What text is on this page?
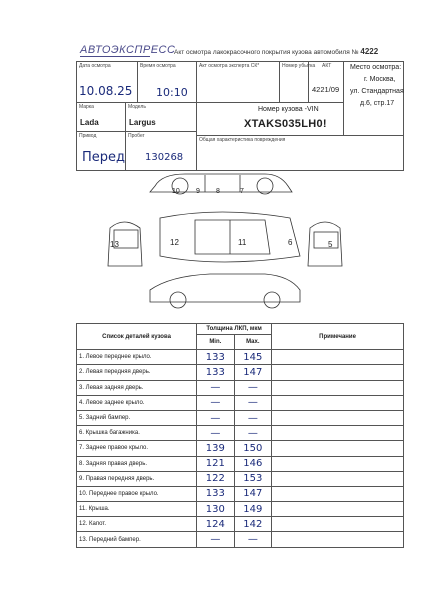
АВТОЭКСПРЕСС
Акт осмотра лакокрасочного покрытия кузова автомобиля № 4222
Дата осмотра
10.08.25
Время осмотра
10:10
Акт осмотра эксперта СК*	Номер убытка АКТ
4221/09
Место осмотра:
г. Москва,
ул. Стандартная
д.6, стр.17
Марка
Lada
Модель
Largus
Номер кузова -VIN
XTAKS035LH0!
Привод
Перед
Пробег
130268
Общая характеристика повреждения
8	7
9
10
11
12
13	6	5
Список деталей кузова	Толщина ЛКП, мкм		Примечание
	Min.	Max.	
1. Левое переднее крыло.	133	145	
2. Левая передняя дверь.	133	147	
3. Левая задняя дверь.	—	—	
4. Левое заднее крыло.	—	—	
5. Задний бампер.	—	—	
6. Крышка багажника.	—	—	
7. Заднее правое крыло.	139	150	
8. Задняя правая дверь.	121	146	
9. Правая передняя дверь.	122	153	
10. Переднее правое крыло.	133	147	
11. Крыша.	130	149	
12. Капот.	124	142	
13. Передний бампер.	—	—	
